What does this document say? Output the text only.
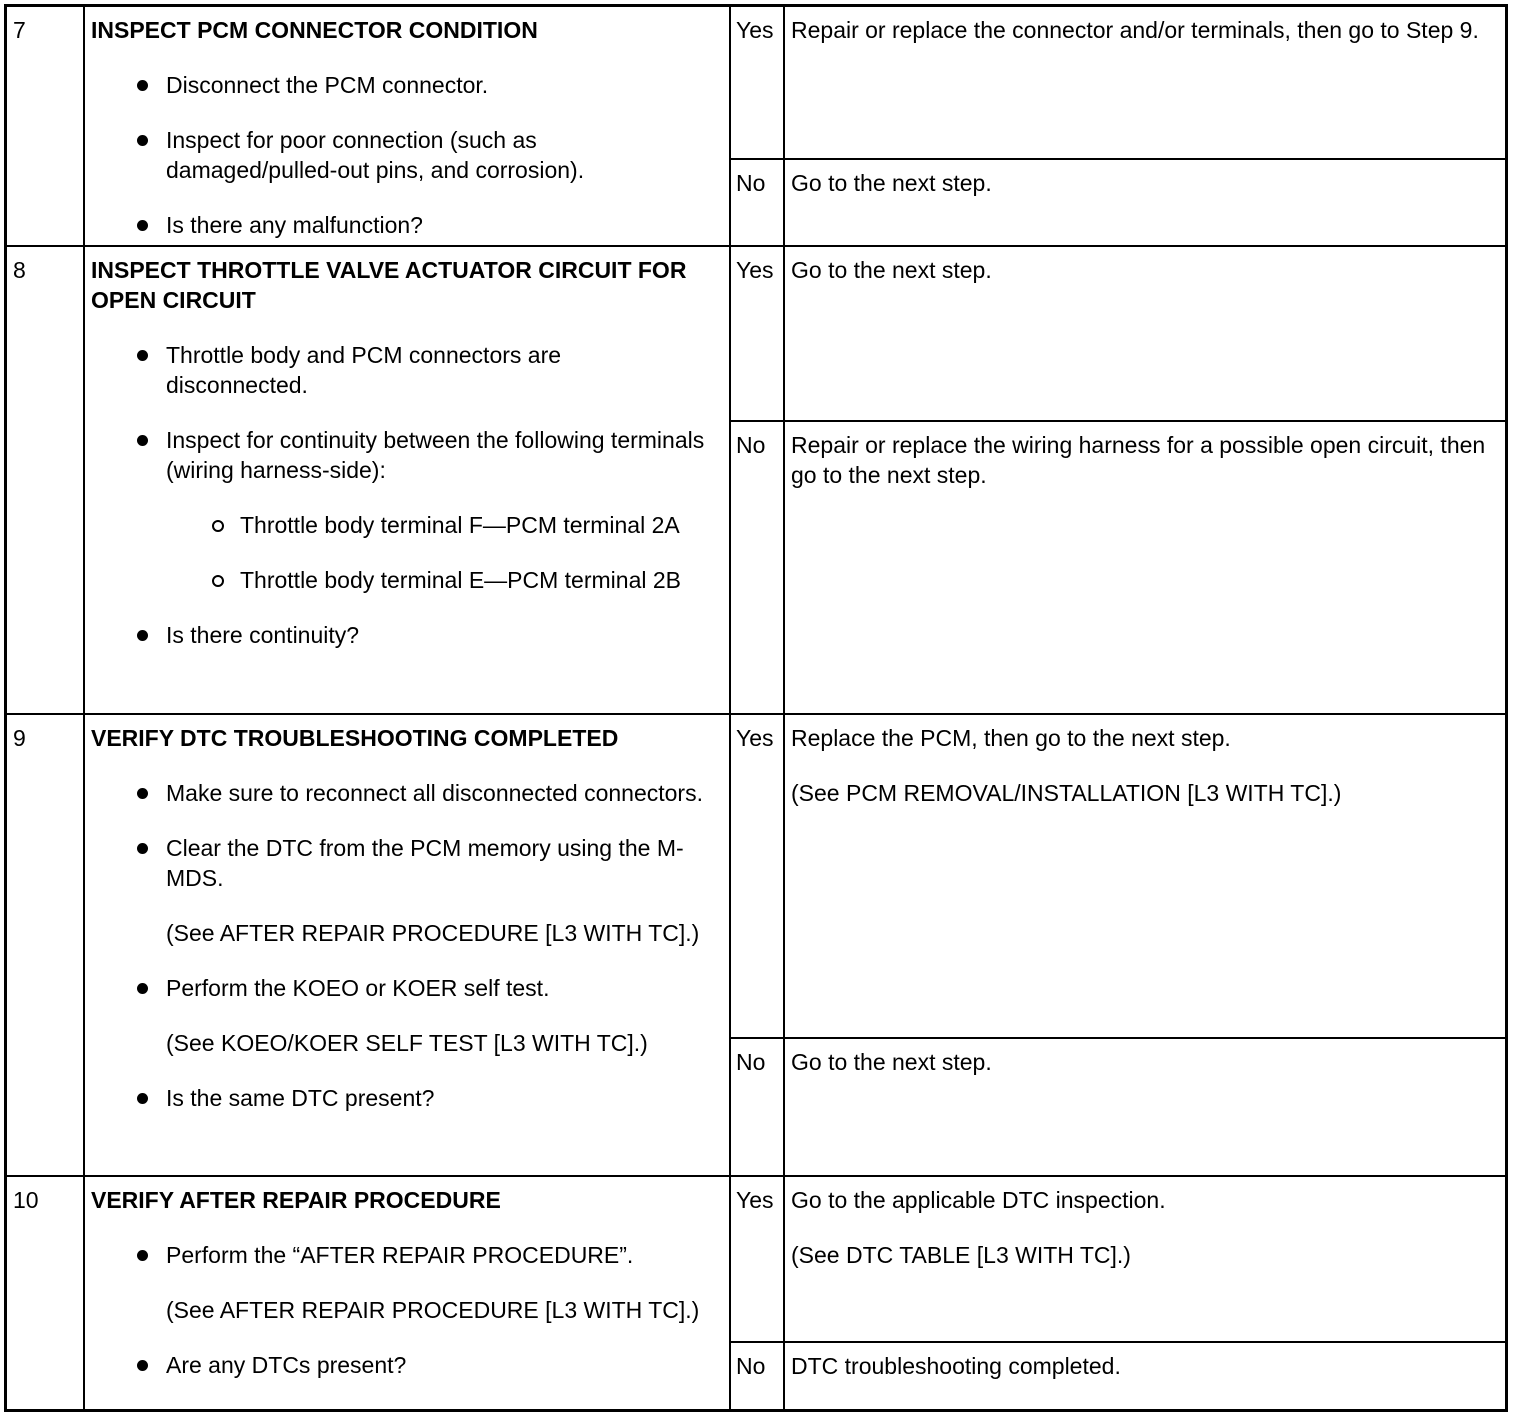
7	INSPECT PCM CONNECTOR CONDITION
Disconnect the PCM connector.
Inspect for poor connection (such as damaged/pulled-out pins, and corrosion).
Is there any malfunction?
Yes Repair or replace the connector and/or terminals, then go to Step 9.
No	Go to the next step.
8	INSPECT THROTTLE VALVE ACTUATOR CIRCUIT FOR OPEN CIRCUIT
Throttle body and PCM connectors are disconnected.
Inspect for continuity between the following terminals (wiring harness-side):
Throttle body terminal F—PCM terminal 2A
Throttle body terminal E—PCM terminal 2B
Is there continuity?
Yes Go to the next step.
No	Repair or replace the wiring harness for a possible open circuit, then go to the next step.
9	VERIFY DTC TROUBLESHOOTING COMPLETED
Make sure to reconnect all disconnected connectors.
Clear the DTC from the PCM memory using the M-MDS.
(See AFTER REPAIR PROCEDURE [L3 WITH TC].)
Perform the KOEO or KOER self test.
(See KOEO/KOER SELF TEST [L3 WITH TC].)
Is the same DTC present?
Yes Replace the PCM, then go to the next step.
(See PCM REMOVAL/INSTALLATION [L3 WITH TC].)
No	Go to the next step.
10	VERIFY AFTER REPAIR PROCEDURE
Perform the “AFTER REPAIR PROCEDURE”.
(See AFTER REPAIR PROCEDURE [L3 WITH TC].)
Are any DTCs present?
Yes Go to the applicable DTC inspection.
(See DTC TABLE [L3 WITH TC].)
No	DTC troubleshooting completed.
